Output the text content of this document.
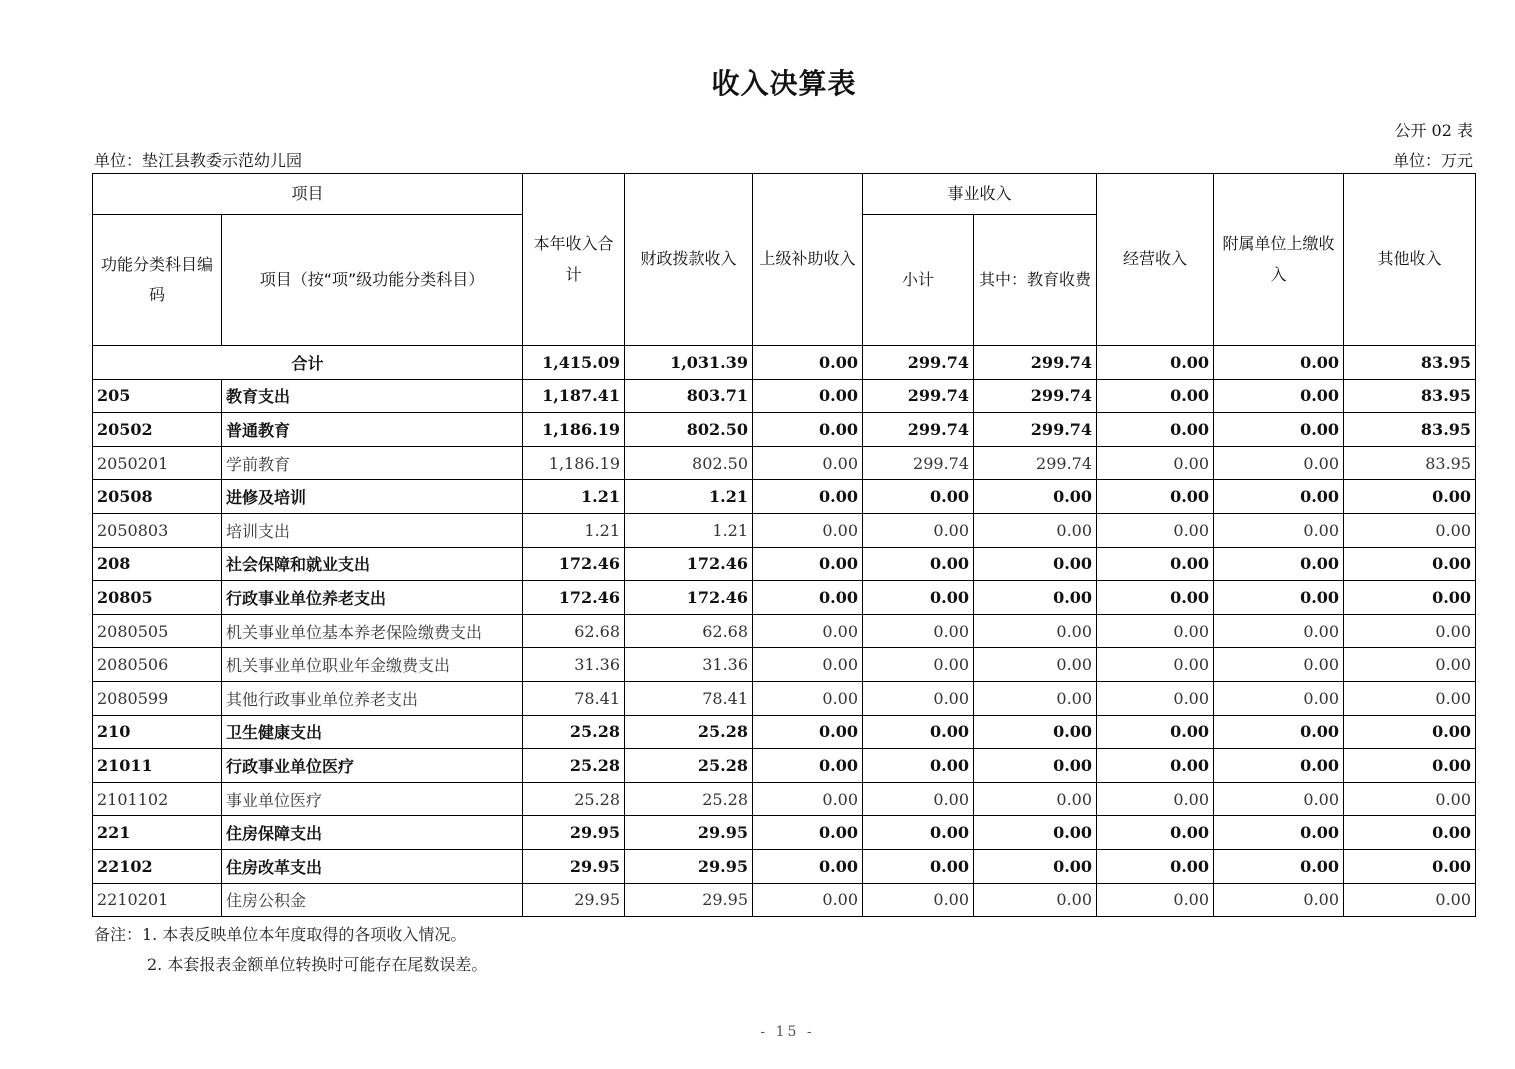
收入决算表
公开 02 表
单位：垫江县教委示范幼儿园	单位：万元
项目		本年收入合计	财政拨款收入	上级补助收入	事业收入		经营收入	附属单位上缴收入	其他收入
功能分类科目编码	项目（按“项”级功能分类科目）				小计	其中：教育收费			
合计		1,415.09	1,031.39	0.00	299.74	299.74	0.00	0.00	83.95
205	教育支出	1,187.41	803.71	0.00	299.74	299.74	0.00	0.00	83.95
20502	普通教育	1,186.19	802.50	0.00	299.74	299.74	0.00	0.00	83.95
2050201	学前教育	1,186.19	802.50	0.00	299.74	299.74	0.00	0.00	83.95
20508	进修及培训	1.21	1.21	0.00	0.00	0.00	0.00	0.00	0.00
2050803	培训支出	1.21	1.21	0.00	0.00	0.00	0.00	0.00	0.00
208	社会保障和就业支出	172.46	172.46	0.00	0.00	0.00	0.00	0.00	0.00
20805	行政事业单位养老支出	172.46	172.46	0.00	0.00	0.00	0.00	0.00	0.00
2080505	机关事业单位基本养老保险缴费支出	62.68	62.68	0.00	0.00	0.00	0.00	0.00	0.00
2080506	机关事业单位职业年金缴费支出	31.36	31.36	0.00	0.00	0.00	0.00	0.00	0.00
2080599	其他行政事业单位养老支出	78.41	78.41	0.00	0.00	0.00	0.00	0.00	0.00
210	卫生健康支出	25.28	25.28	0.00	0.00	0.00	0.00	0.00	0.00
21011	行政事业单位医疗	25.28	25.28	0.00	0.00	0.00	0.00	0.00	0.00
2101102	事业单位医疗	25.28	25.28	0.00	0.00	0.00	0.00	0.00	0.00
221	住房保障支出	29.95	29.95	0.00	0.00	0.00	0.00	0.00	0.00
22102	住房改革支出	29.95	29.95	0.00	0.00	0.00	0.00	0.00	0.00
2210201	住房公积金	29.95	29.95	0.00	0.00	0.00	0.00	0.00	0.00
备注：1. 本表反映单位本年度取得的各项收入情况。
2. 本套报表金额单位转换时可能存在尾数误差。
- 15 -
